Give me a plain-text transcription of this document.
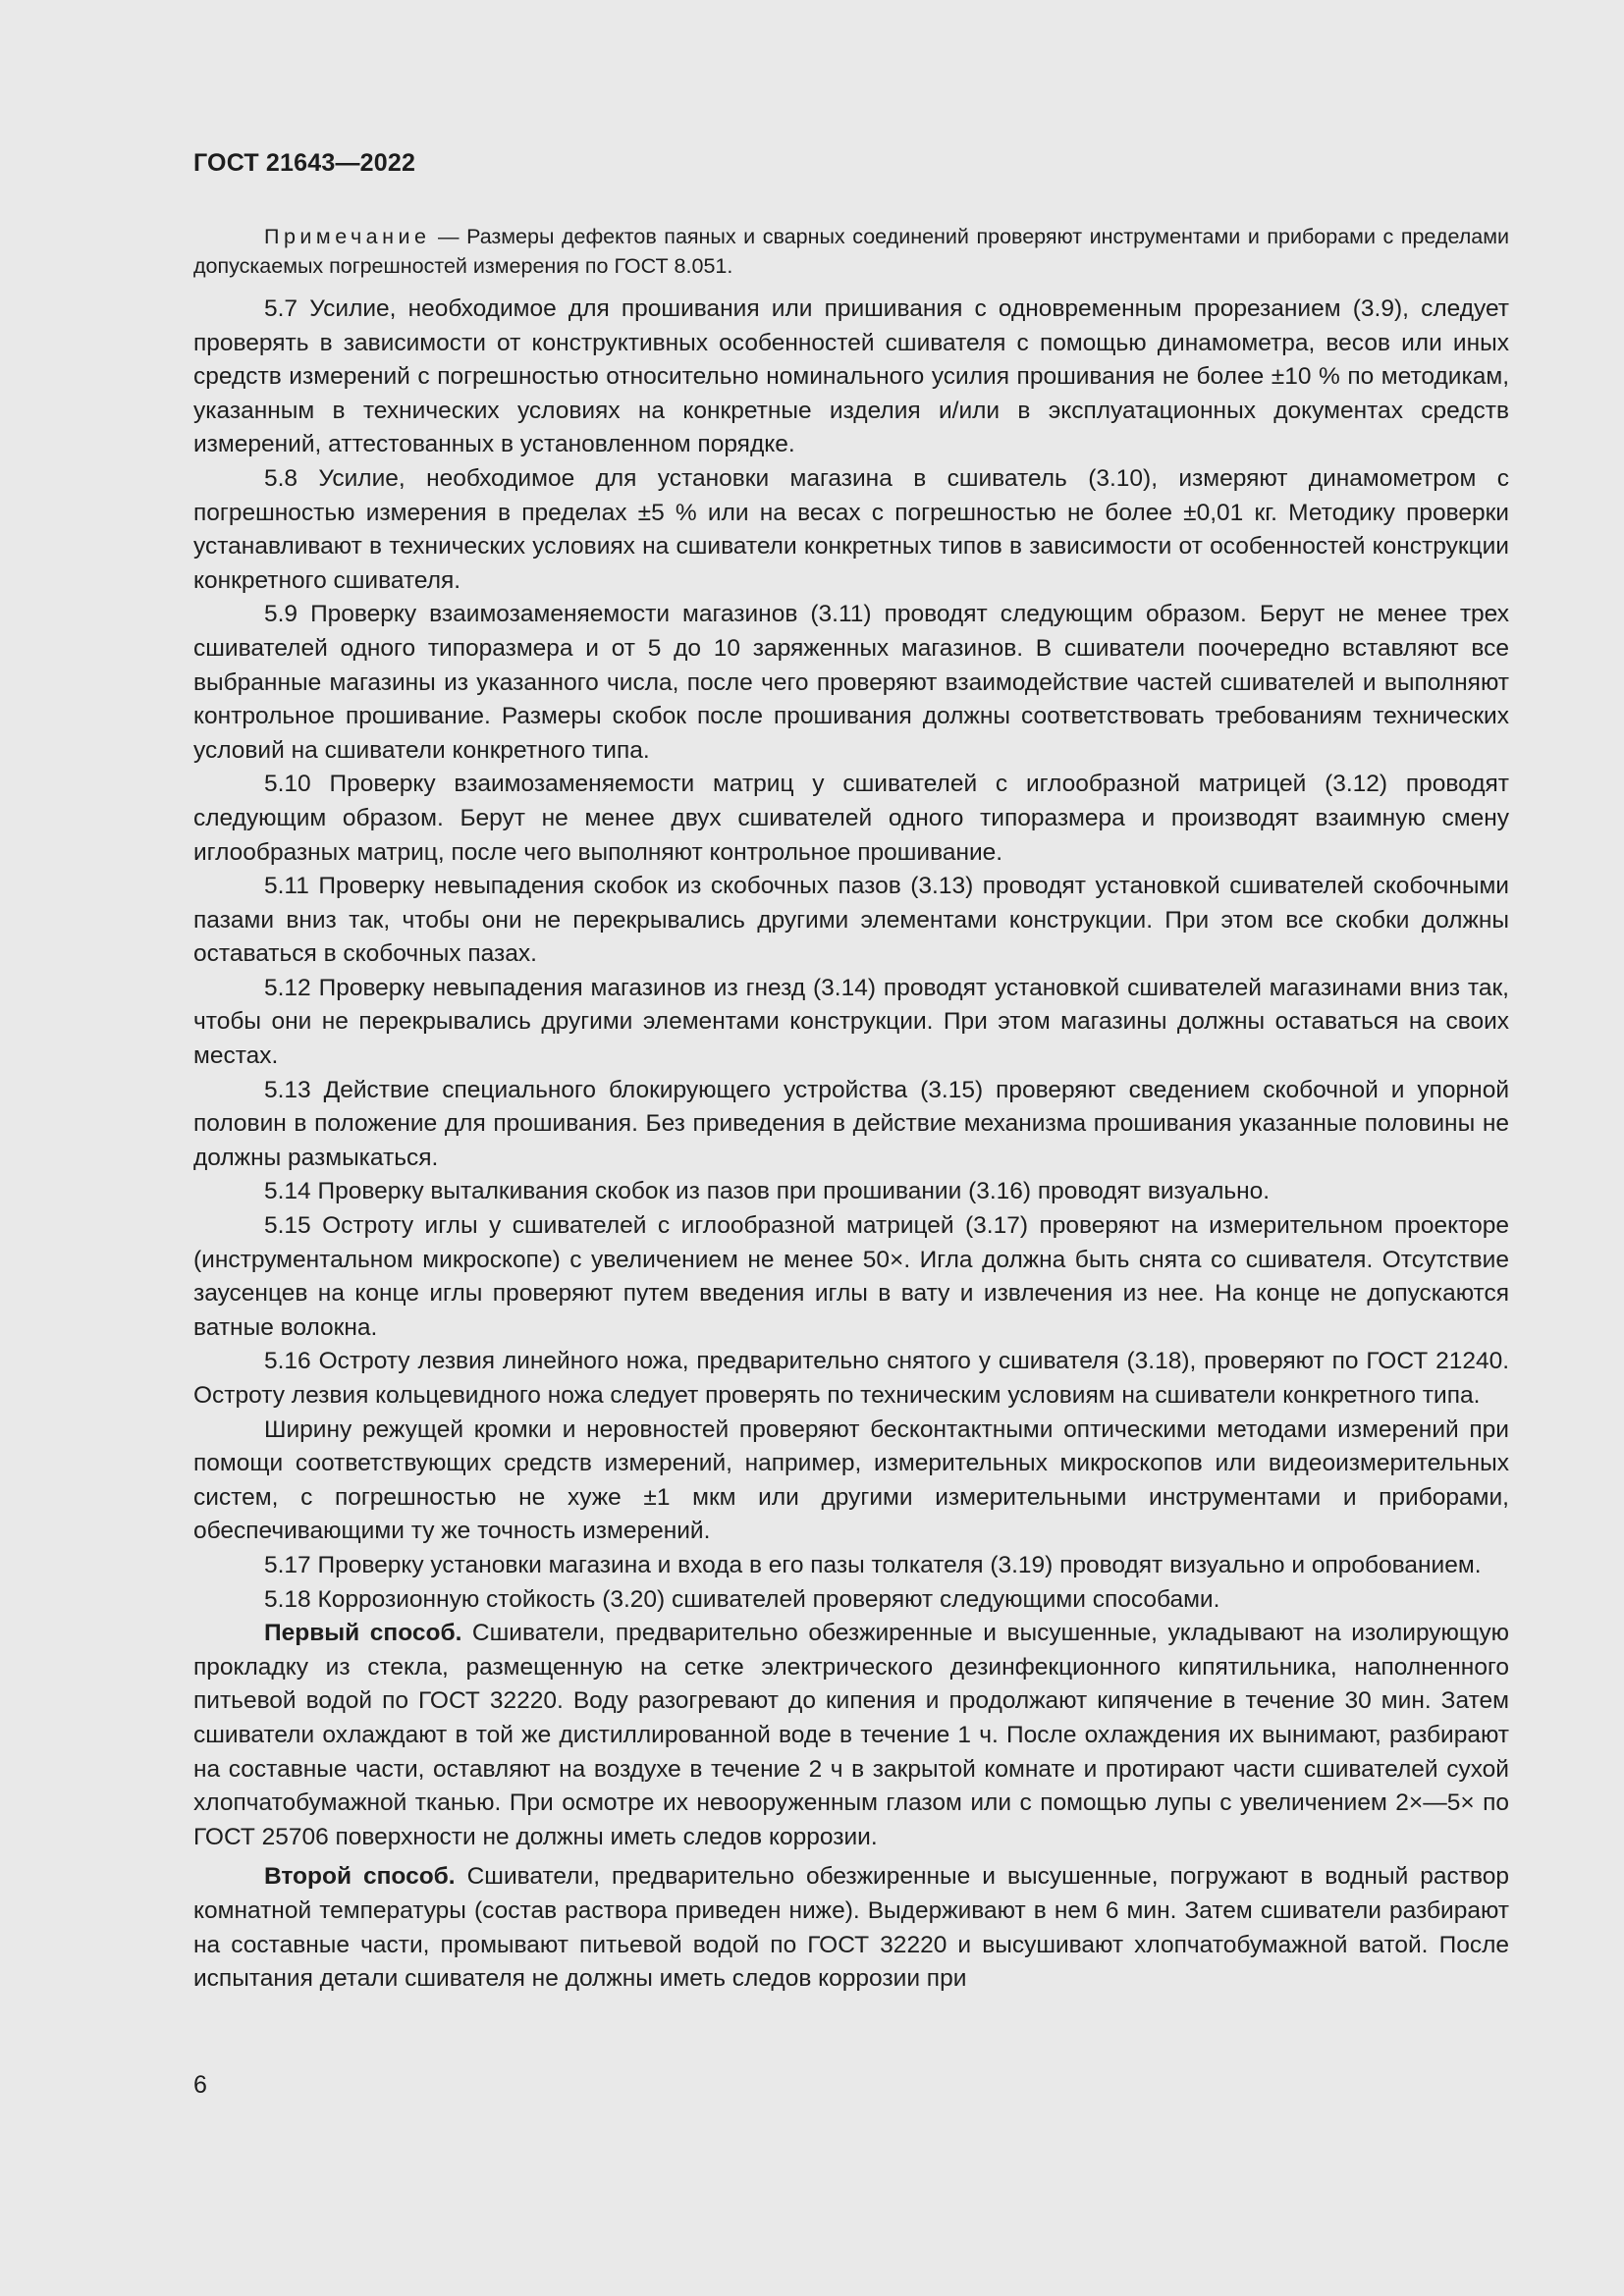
ГОСТ 21643—2022

Примечание — Размеры дефектов паяных и сварных соединений проверяют инструментами и приборами с пределами допускаемых погрешностей измерения по ГОСТ 8.051.

5.7 Усилие, необходимое для прошивания или пришивания с одновременным прорезанием (3.9), следует проверять в зависимости от конструктивных особенностей сшивателя с помощью динамометра, весов или иных средств измерений с погрешностью относительно номинального усилия прошивания не более ±10 % по методикам, указанным в технических условиях на конкретные изделия и/или в эксплуатационных документах средств измерений, аттестованных в установленном порядке.

5.8 Усилие, необходимое для установки магазина в сшиватель (3.10), измеряют динамометром с погрешностью измерения в пределах ±5 % или на весах с погрешностью не более ±0,01 кг. Методику проверки устанавливают в технических условиях на сшиватели конкретных типов в зависимости от особенностей конструкции конкретного сшивателя.

5.9 Проверку взаимозаменяемости магазинов (3.11) проводят следующим образом. Берут не менее трех сшивателей одного типоразмера и от 5 до 10 заряженных магазинов. В сшиватели поочередно вставляют все выбранные магазины из указанного числа, после чего проверяют взаимодействие частей сшивателей и выполняют контрольное прошивание. Размеры скобок после прошивания должны соответствовать требованиям технических условий на сшиватели конкретного типа.

5.10 Проверку взаимозаменяемости матриц у сшивателей с иглообразной матрицей (3.12) проводят следующим образом. Берут не менее двух сшивателей одного типоразмера и производят взаимную смену иглообразных матриц, после чего выполняют контрольное прошивание.

5.11 Проверку невыпадения скобок из скобочных пазов (3.13) проводят установкой сшивателей скобочными пазами вниз так, чтобы они не перекрывались другими элементами конструкции. При этом все скобки должны оставаться в скобочных пазах.

5.12 Проверку невыпадения магазинов из гнезд (3.14) проводят установкой сшивателей магазинами вниз так, чтобы они не перекрывались другими элементами конструкции. При этом магазины должны оставаться на своих местах.

5.13 Действие специального блокирующего устройства (3.15) проверяют сведением скобочной и упорной половин в положение для прошивания. Без приведения в действие механизма прошивания указанные половины не должны размыкаться.

5.14 Проверку выталкивания скобок из пазов при прошивании (3.16) проводят визуально.

5.15 Остроту иглы у сшивателей с иглообразной матрицей (3.17) проверяют на измерительном проекторе (инструментальном микроскопе) с увеличением не менее 50×. Игла должна быть снята со сшивателя. Отсутствие заусенцев на конце иглы проверяют путем введения иглы в вату и извлечения из нее. На конце не допускаются ватные волокна.

5.16 Остроту лезвия линейного ножа, предварительно снятого у сшивателя (3.18), проверяют по ГОСТ 21240. Остроту лезвия кольцевидного ножа следует проверять по техническим условиям на сшиватели конкретного типа.

Ширину режущей кромки и неровностей проверяют бесконтактными оптическими методами измерений при помощи соответствующих средств измерений, например, измерительных микроскопов или видеоизмерительных систем, с погрешностью не хуже ±1 мкм или другими измерительными инструментами и приборами, обеспечивающими ту же точность измерений.

5.17 Проверку установки магазина и входа в его пазы толкателя (3.19) проводят визуально и опробованием.

5.18 Коррозионную стойкость (3.20) сшивателей проверяют следующими способами.

Первый способ. Сшиватели, предварительно обезжиренные и высушенные, укладывают на изолирующую прокладку из стекла, размещенную на сетке электрического дезинфекционного кипятильника, наполненного питьевой водой по ГОСТ 32220. Воду разогревают до кипения и продолжают кипячение в течение 30 мин. Затем сшиватели охлаждают в той же дистиллированной воде в течение 1 ч. После охлаждения их вынимают, разбирают на составные части, оставляют на воздухе в течение 2 ч в закрытой комнате и протирают части сшивателей сухой хлопчатобумажной тканью. При осмотре их невооруженным глазом или с помощью лупы с увеличением 2×—5× по ГОСТ 25706 поверхности не должны иметь следов коррозии.

Второй способ. Сшиватели, предварительно обезжиренные и высушенные, погружают в водный раствор комнатной температуры (состав раствора приведен ниже). Выдерживают в нем 6 мин. Затем сшиватели разбирают на составные части, промывают питьевой водой по ГОСТ 32220 и высушивают хлопчатобумажной ватой. После испытания детали сшивателя не должны иметь следов коррозии при

6
